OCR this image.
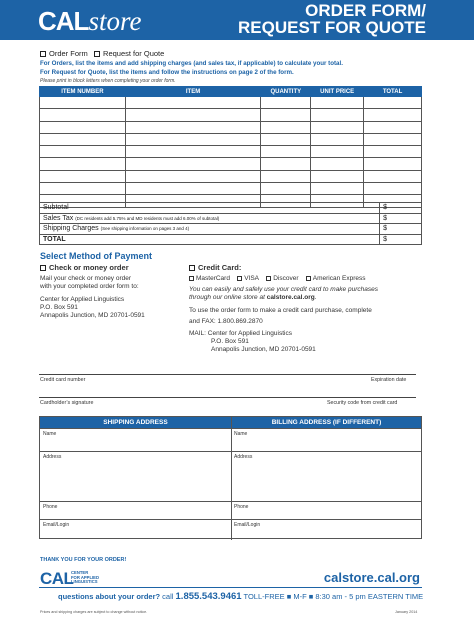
CALstore	ORDER FORM/
REQUEST FOR QUOTE
Order Form Request for Quote
For Orders, list the items and add shipping charges (and sales tax, if applicable) to calculate your total.
For Request for Quote, list the items and follow the instructions on page 2 of the form.
Please print in block letters when completing your order form.
ITEM NUMBER	ITEM	QUANTITY	UNIT PRICE	TOTAL

Subtotal	$
Sales Tax (DC residents add 5.75% and MD residents must add 6.00% of subtotal)	$
Shipping Charges (See shipping information on pages 3 and 4)	$
TOTAL	$
Select Method of Payment
Check or money order
Mail your check or money order
with your completed order form to:
Center for Applied Linguistics
P.O. Box 591
Annapolis Junction, MD 20701-0591
Credit Card:
MasterCard VISA Discover American Express
You can easily and safely use your credit card to make purchases
through our online store at calstore.cal.org.
To use the order form to make a credit card purchase, complete
and FAX: 1.800.869.2870
MAIL: Center for Applied Linguistics
P.O. Box 591
Annapolis Junction, MD 20701-0591
Credit card number	Expiration date
Cardholder’s signature	Security code from credit card
SHIPPING ADDRESS	BILLING ADDRESS (IF DIFFERENT)
Name	Name
Address	Address
Phone	Phone
Email/Login	Email/Login
THANK YOU FOR YOUR ORDER!
CAL
CENTER
FOR APPLIED
LINGUISTICS	calstore.cal.org
questions about your order? call 1.855.543.9461 TOLL-FREE ■ M-F ■ 8:30 am - 5 pm EASTERN TIME
Prices and shipping charges are subject to change without notice.	January 2014
